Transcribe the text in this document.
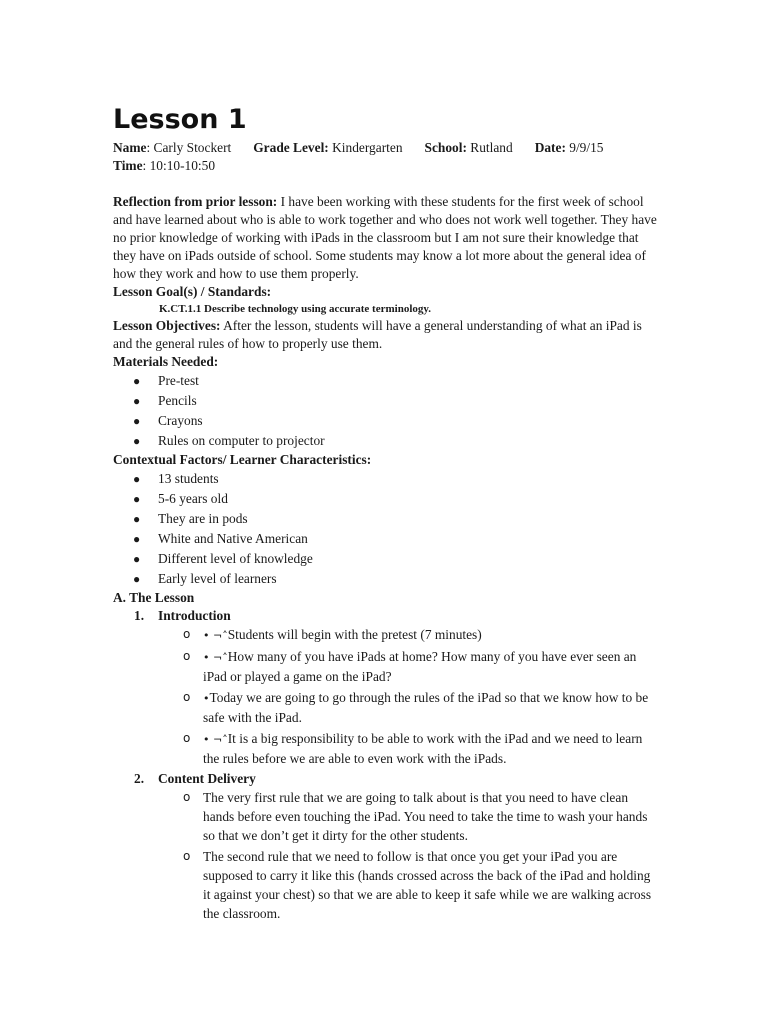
Lesson 1
Name: Carly Stockert Grade Level: Kindergarten School: Rutland Date: 9/9/15
Time: 10:10-10:50

Reflection from prior lesson: I have been working with these students for the first week of school and have learned about who is able to work together and who does not work well together. They have no prior knowledge of working with iPads in the classroom but I am not sure their knowledge that they have on iPads outside of school. Some students may know a lot more about the general idea of how they work and how to use them properly.

Lesson Goal(s) / Standards:
K.CT.1.1 Describe technology using accurate terminology.

Lesson Objectives: After the lesson, students will have a general understanding of what an iPad is and the general rules of how to properly use them.

Materials Needed:
● Pre-test
● Pencils
● Crayons
● Rules on computer to projector
Contextual Factors/ Learner Characteristics:
● 13 students
● 5-6 years old
● They are in pods
● White and Native American
● Different level of knowledge
● Early level of learners
A. The Lesson
1. Introduction
o • ¬˄Students will begin with the pretest (7 minutes)
o • ¬˄How many of you have iPads at home? How many of you have ever seen an iPad or played a game on the iPad?
o •Today we are going to go through the rules of the iPad so that we know how to be safe with the iPad.
o • ¬˄It is a big responsibility to be able to work with the iPad and we need to learn the rules before we are able to even work with the iPads.
2. Content Delivery
o The very first rule that we are going to talk about is that you need to have clean hands before even touching the iPad. You need to take the time to wash your hands so that we don’t get it dirty for the other students.
o The second rule that we need to follow is that once you get your iPad you are supposed to carry it like this (hands crossed across the back of the iPad and holding it against your chest) so that we are able to keep it safe while we are walking across the classroom.
